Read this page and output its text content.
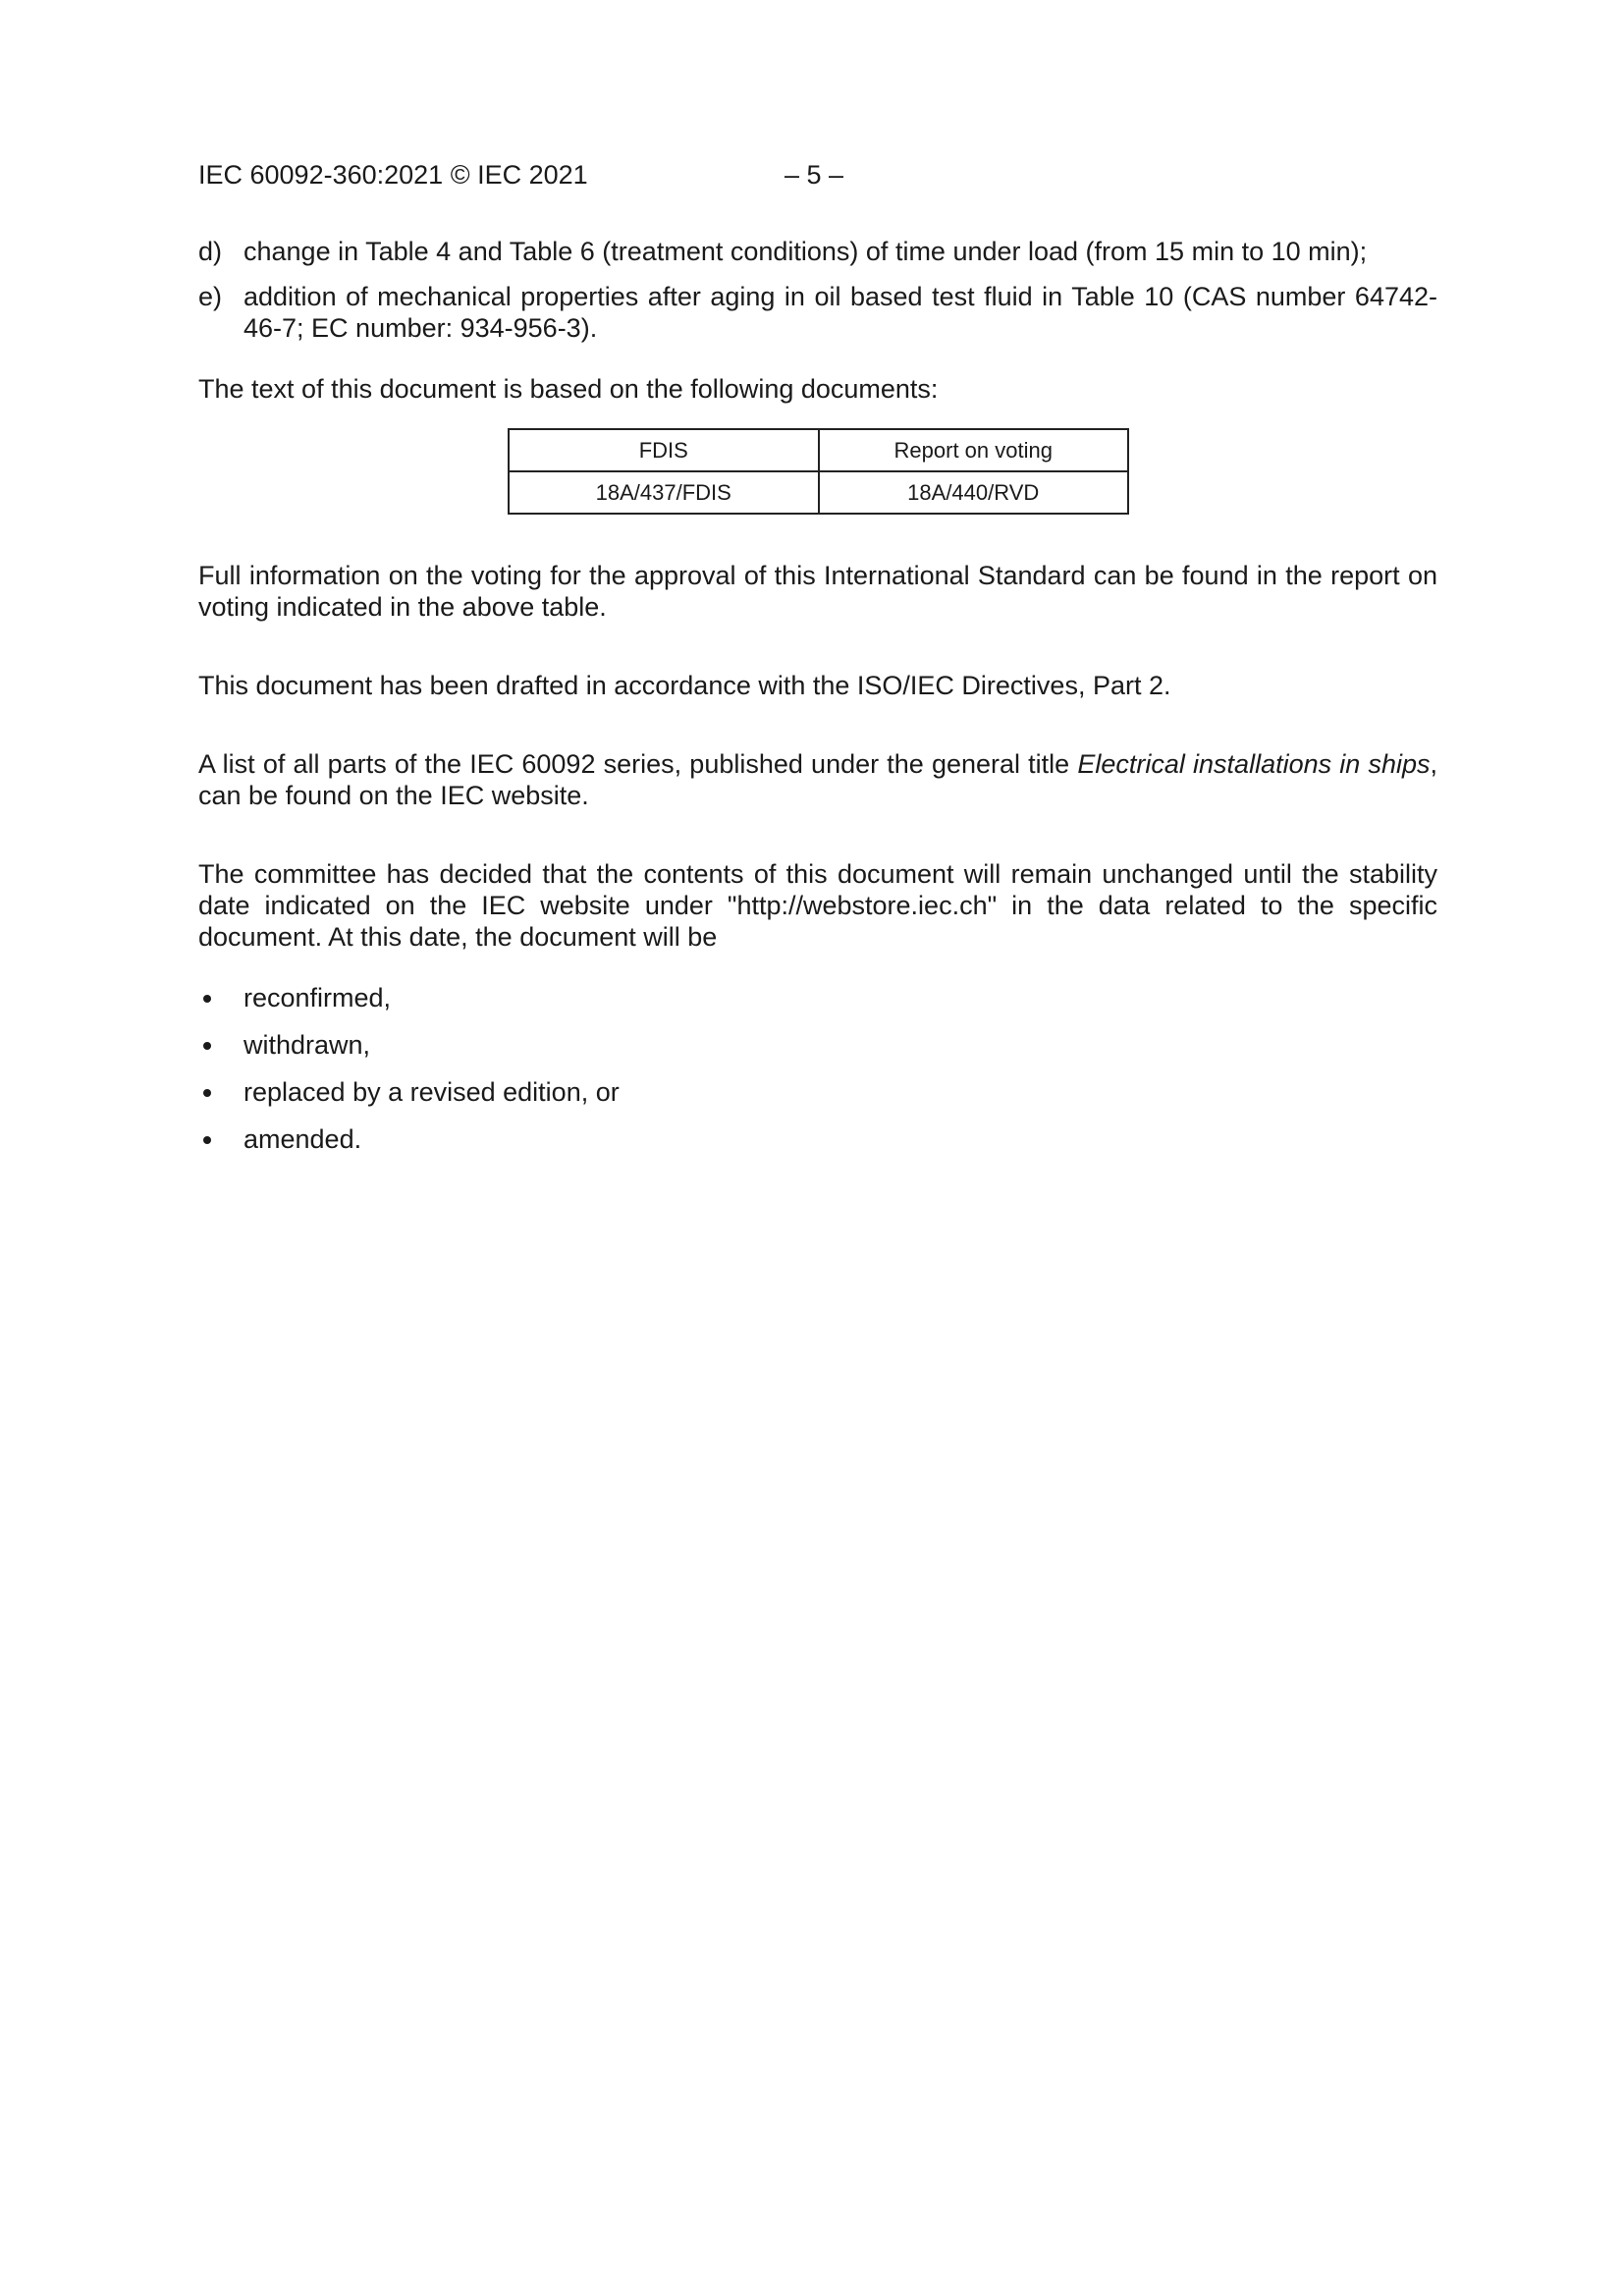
IEC 60092-360:2021 © IEC 2021	– 5 –
d) change in Table 4 and Table 6 (treatment conditions) of time under load (from 15 min to 10 min);
e) addition of mechanical properties after aging in oil based test fluid in Table 10 (CAS number 64742-46-7; EC number: 934-956-3).

The text of this document is based on the following documents:

FDIS	Report on voting
18A/437/FDIS	18A/440/RVD

Full information on the voting for the approval of this International Standard can be found in the report on voting indicated in the above table.

This document has been drafted in accordance with the ISO/IEC Directives, Part 2.

A list of all parts of the IEC 60092 series, published under the general title Electrical installations in ships, can be found on the IEC website.

The committee has decided that the contents of this document will remain unchanged until the stability date indicated on the IEC website under "http://webstore.iec.ch" in the data related to the specific document. At this date, the document will be

reconfirmed,
withdrawn,
replaced by a revised edition, or
amended.
